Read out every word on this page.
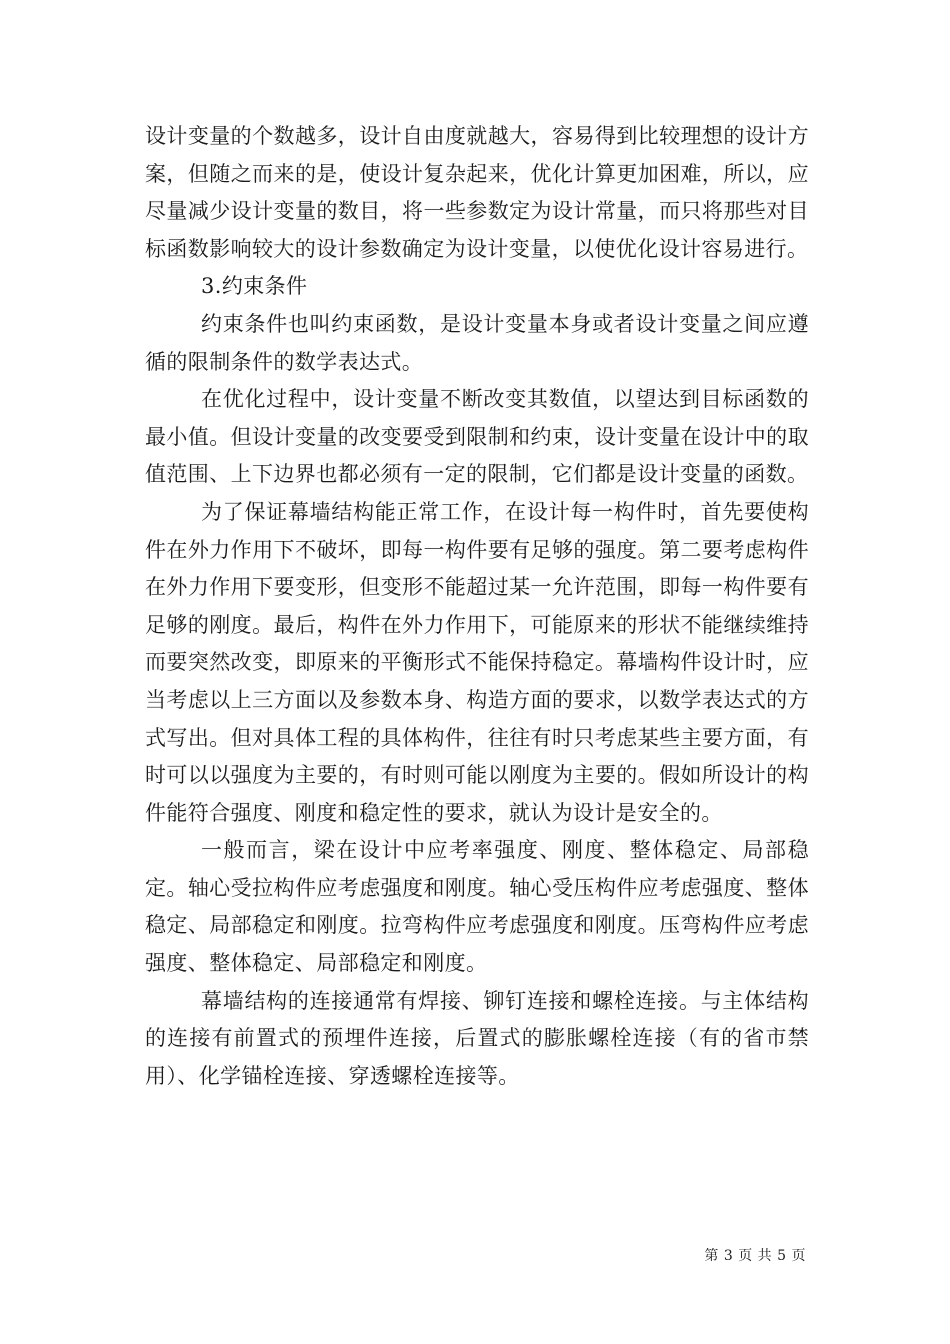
设计变量的个数越多，设计自由度就越大，容易得到比较理想的设计方案，但随之而来的是，使设计复杂起来，优化计算更加困难，所以，应尽量减少设计变量的数目，将一些参数定为设计常量，而只将那些对目标函数影响较大的设计参数确定为设计变量，以使优化设计容易进行。

3.约束条件

约束条件也叫约束函数，是设计变量本身或者设计变量之间应遵循的限制条件的数学表达式。

在优化过程中，设计变量不断改变其数值，以望达到目标函数的最小值。但设计变量的改变要受到限制和约束，设计变量在设计中的取值范围、上下边界也都必须有一定的限制，它们都是设计变量的函数。

为了保证幕墙结构能正常工作，在设计每一构件时，首先要使构件在外力作用下不破坏，即每一构件要有足够的强度。第二要考虑构件在外力作用下要变形，但变形不能超过某一允许范围，即每一构件要有足够的刚度。最后，构件在外力作用下，可能原来的形状不能继续维持而要突然改变，即原来的平衡形式不能保持稳定。幕墙构件设计时，应当考虑以上三方面以及参数本身、构造方面的要求，以数学表达式的方式写出。但对具体工程的具体构件，往往有时只考虑某些主要方面，有时可以以强度为主要的，有时则可能以刚度为主要的。假如所设计的构件能符合强度、刚度和稳定性的要求，就认为设计是安全的。

一般而言，梁在设计中应考率强度、刚度、整体稳定、局部稳定。轴心受拉构件应考虑强度和刚度。轴心受压构件应考虑强度、整体稳定、局部稳定和刚度。拉弯构件应考虑强度和刚度。压弯构件应考虑强度、整体稳定、局部稳定和刚度。

幕墙结构的连接通常有焊接、铆钉连接和螺栓连接。与主体结构的连接有前置式的预埋件连接，后置式的膨胀螺栓连接（有的省市禁用）、化学锚栓连接、穿透螺栓连接等。

第 3 页 共 5 页
